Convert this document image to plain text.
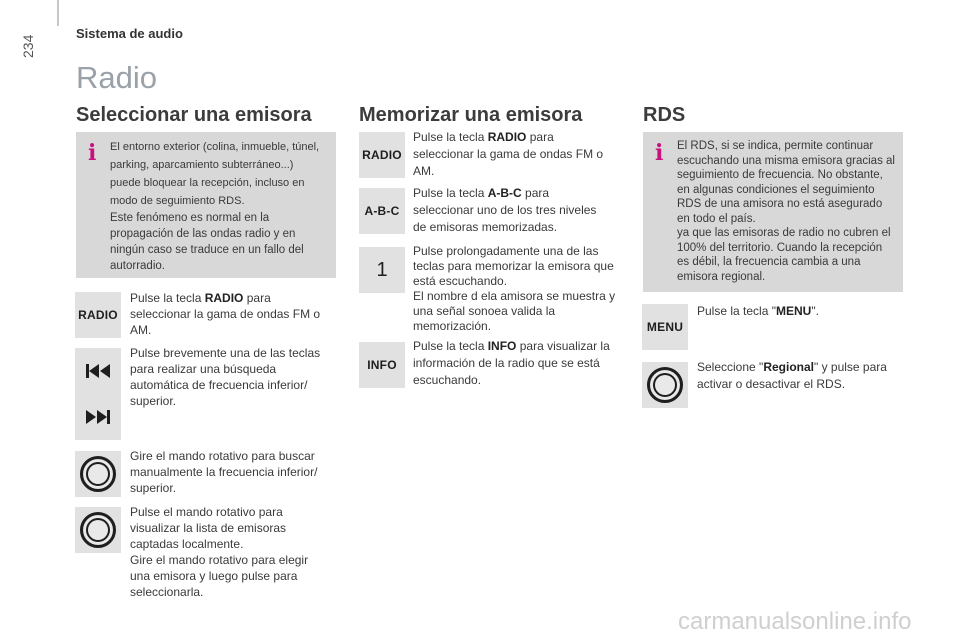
234
Sistema de audio
Radio
Seleccionar una emisora
i El entorno exterior (colina, inmueble, túnel, parking, aparcamiento subterráneo...) puede bloquear la recepción, incluso en modo de seguimiento RDS.

Este fenómeno es normal en la propagación de las ondas radio y en ningún caso se traduce en un fallo del autorradio.

RADIO

Pulse la tecla RADIO para seleccionar la gama de ondas FM o AM.

Pulse brevemente una de las teclas para realizar una búsqueda automática de frecuencia inferior/ superior.
Gire el mando rotativo para buscar manualmente la frecuencia inferior/ superior.

Pulse el mando rotativo para visualizar la lista de emisoras captadas localmente.

Gire el mando rotativo para elegir una emisora y luego pulse para seleccionarla.

Memorizar una emisora
RADIO

Pulse la tecla RADIO para seleccionar la gama de ondas FM o AM.

A-B-C

Pulse la tecla A-B-C para seleccionar uno de los tres niveles de emisoras memorizadas.

1

Pulse prolongadamente una de las teclas para memorizar la emisora que está escuchando.

El nombre d ela amisora se muestra y una señal sonoea valida la memorización.

INFO

Pulse la tecla INFO para visualizar la información de la radio que se está escuchando.

RDS
i El RDS, si se indica, permite continuar escuchando una misma emisora gracias al seguimiento de frecuencia. No obstante, en algunas condiciones el seguimiento RDS de una amisora no está asegurado en todo el país.

ya que las emisoras de radio no cubren el 100% del territorio. Cuando la recepción es débil, la frecuencia cambia a una emisora regional.

MENU

Pulse la tecla "MENU".

Seleccione "Regional" y pulse para activar o desactivar el RDS.

carmanualsonline.info
